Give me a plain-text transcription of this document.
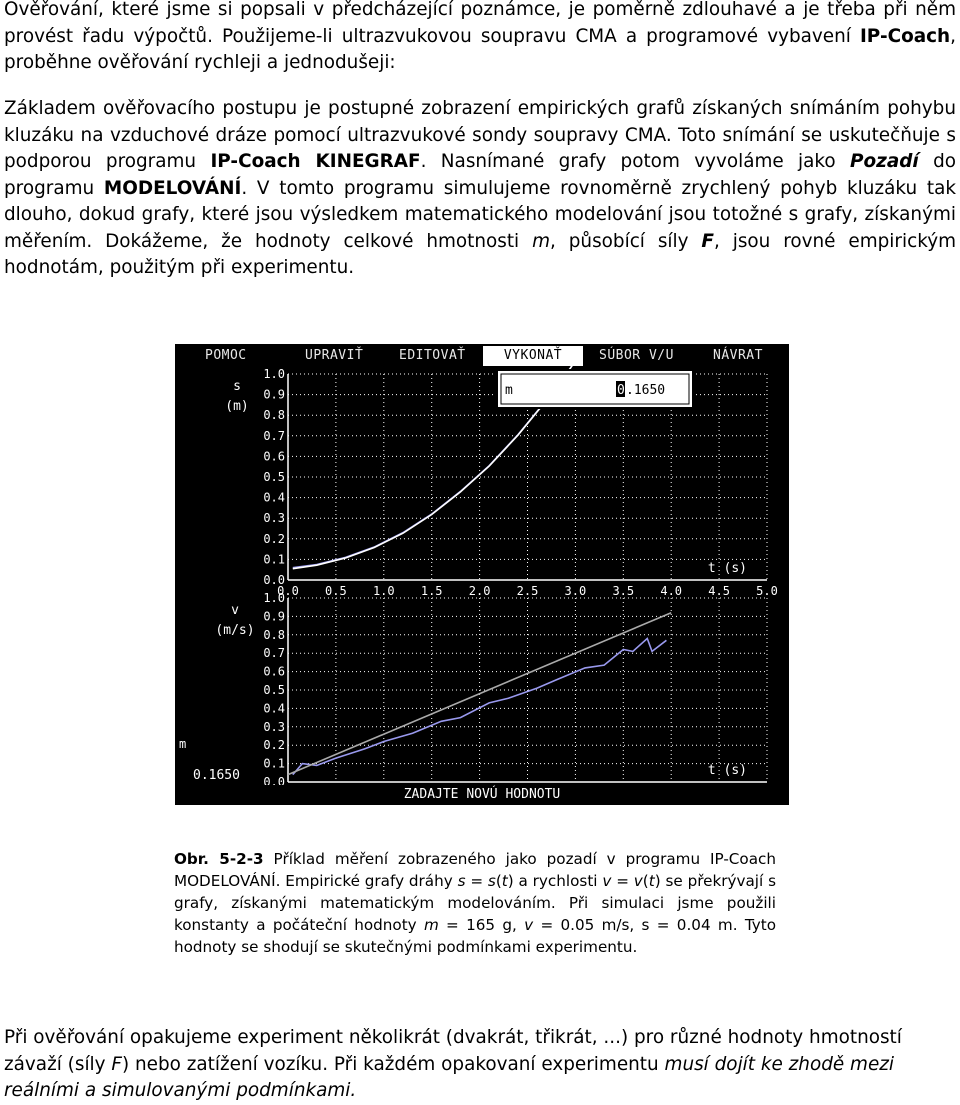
Ověřování, které jsme si popsali v předcházející poznámce, je poměrně zdlouhavé a je třeba při něm provést řadu výpočtů. Použijeme-li ultrazvukovou soupravu CMA a programové vybavení IP-Coach, proběhne ověřování rychleji a jednodušeji:

Základem ověřovacího postupu je postupné zobrazení empirických grafů získaných snímáním pohybu kluzáku na vzduchové dráze pomocí ultrazvukové sondy soupravy CMA. Toto snímání se uskutečňuje s podporou programu IP-Coach KINEGRAF. Nasnímané grafy potom vyvoláme jako Pozadí do programu MODELOVÁNÍ. V tomto programu simulujeme rovnoměrně zrychlený pohyb kluzáku tak dlouho, dokud grafy, které jsou výsledkem matematického modelování jsou totožné s grafy, získanými měřením. Dokážeme, že hodnoty celkové hmotnosti m, působící síly F, jsou rovné empirickým hodnotám, použitým při experimentu.

POMOC	UPRAVIŤ	EDITOVAŤ	VYKONAŤ	SÚBOR V/U	NÁVRAT
0.0 0.5 1.0 1.5 2.0 2.5 3.0 3.5 4.0 4.5 5.0
1.0
0.9
0.8
0.7
0.6
0.5
0.4
0.3
0.2
0.1
0.0
s
(m)
t (s)
1.0
0.9
0.8
0.7
0.6
0.5
0.4
0.3
0.2
0.1
0.0
v
(m/s)
t (s)
m	0 .1650
m
0.1650
ZADAJTE NOVÚ HODNOTU
Obr. 5-2-3 Příklad měření zobrazeného jako pozadí v programu IP-Coach MODELOVÁNÍ. Empirické grafy dráhy s = s(t) a rychlosti v = v(t) se překrývají s grafy, získanými matematickým modelováním. Při simulaci jsme použili konstanty a počáteční hodnoty m = 165 g, v = 0.05 m/s, s = 0.04 m. Tyto hodnoty se shodují se skutečnými podmínkami experimentu.

Při ověřování opakujeme experiment několikrát (dvakrát, třikrát, ...) pro různé hodnoty hmotností závaží (síly F) nebo zatížení vozíku. Při každém opakovaní experimentu musí dojít ke zhodě mezi reálními a simulovanými podmínkami.
